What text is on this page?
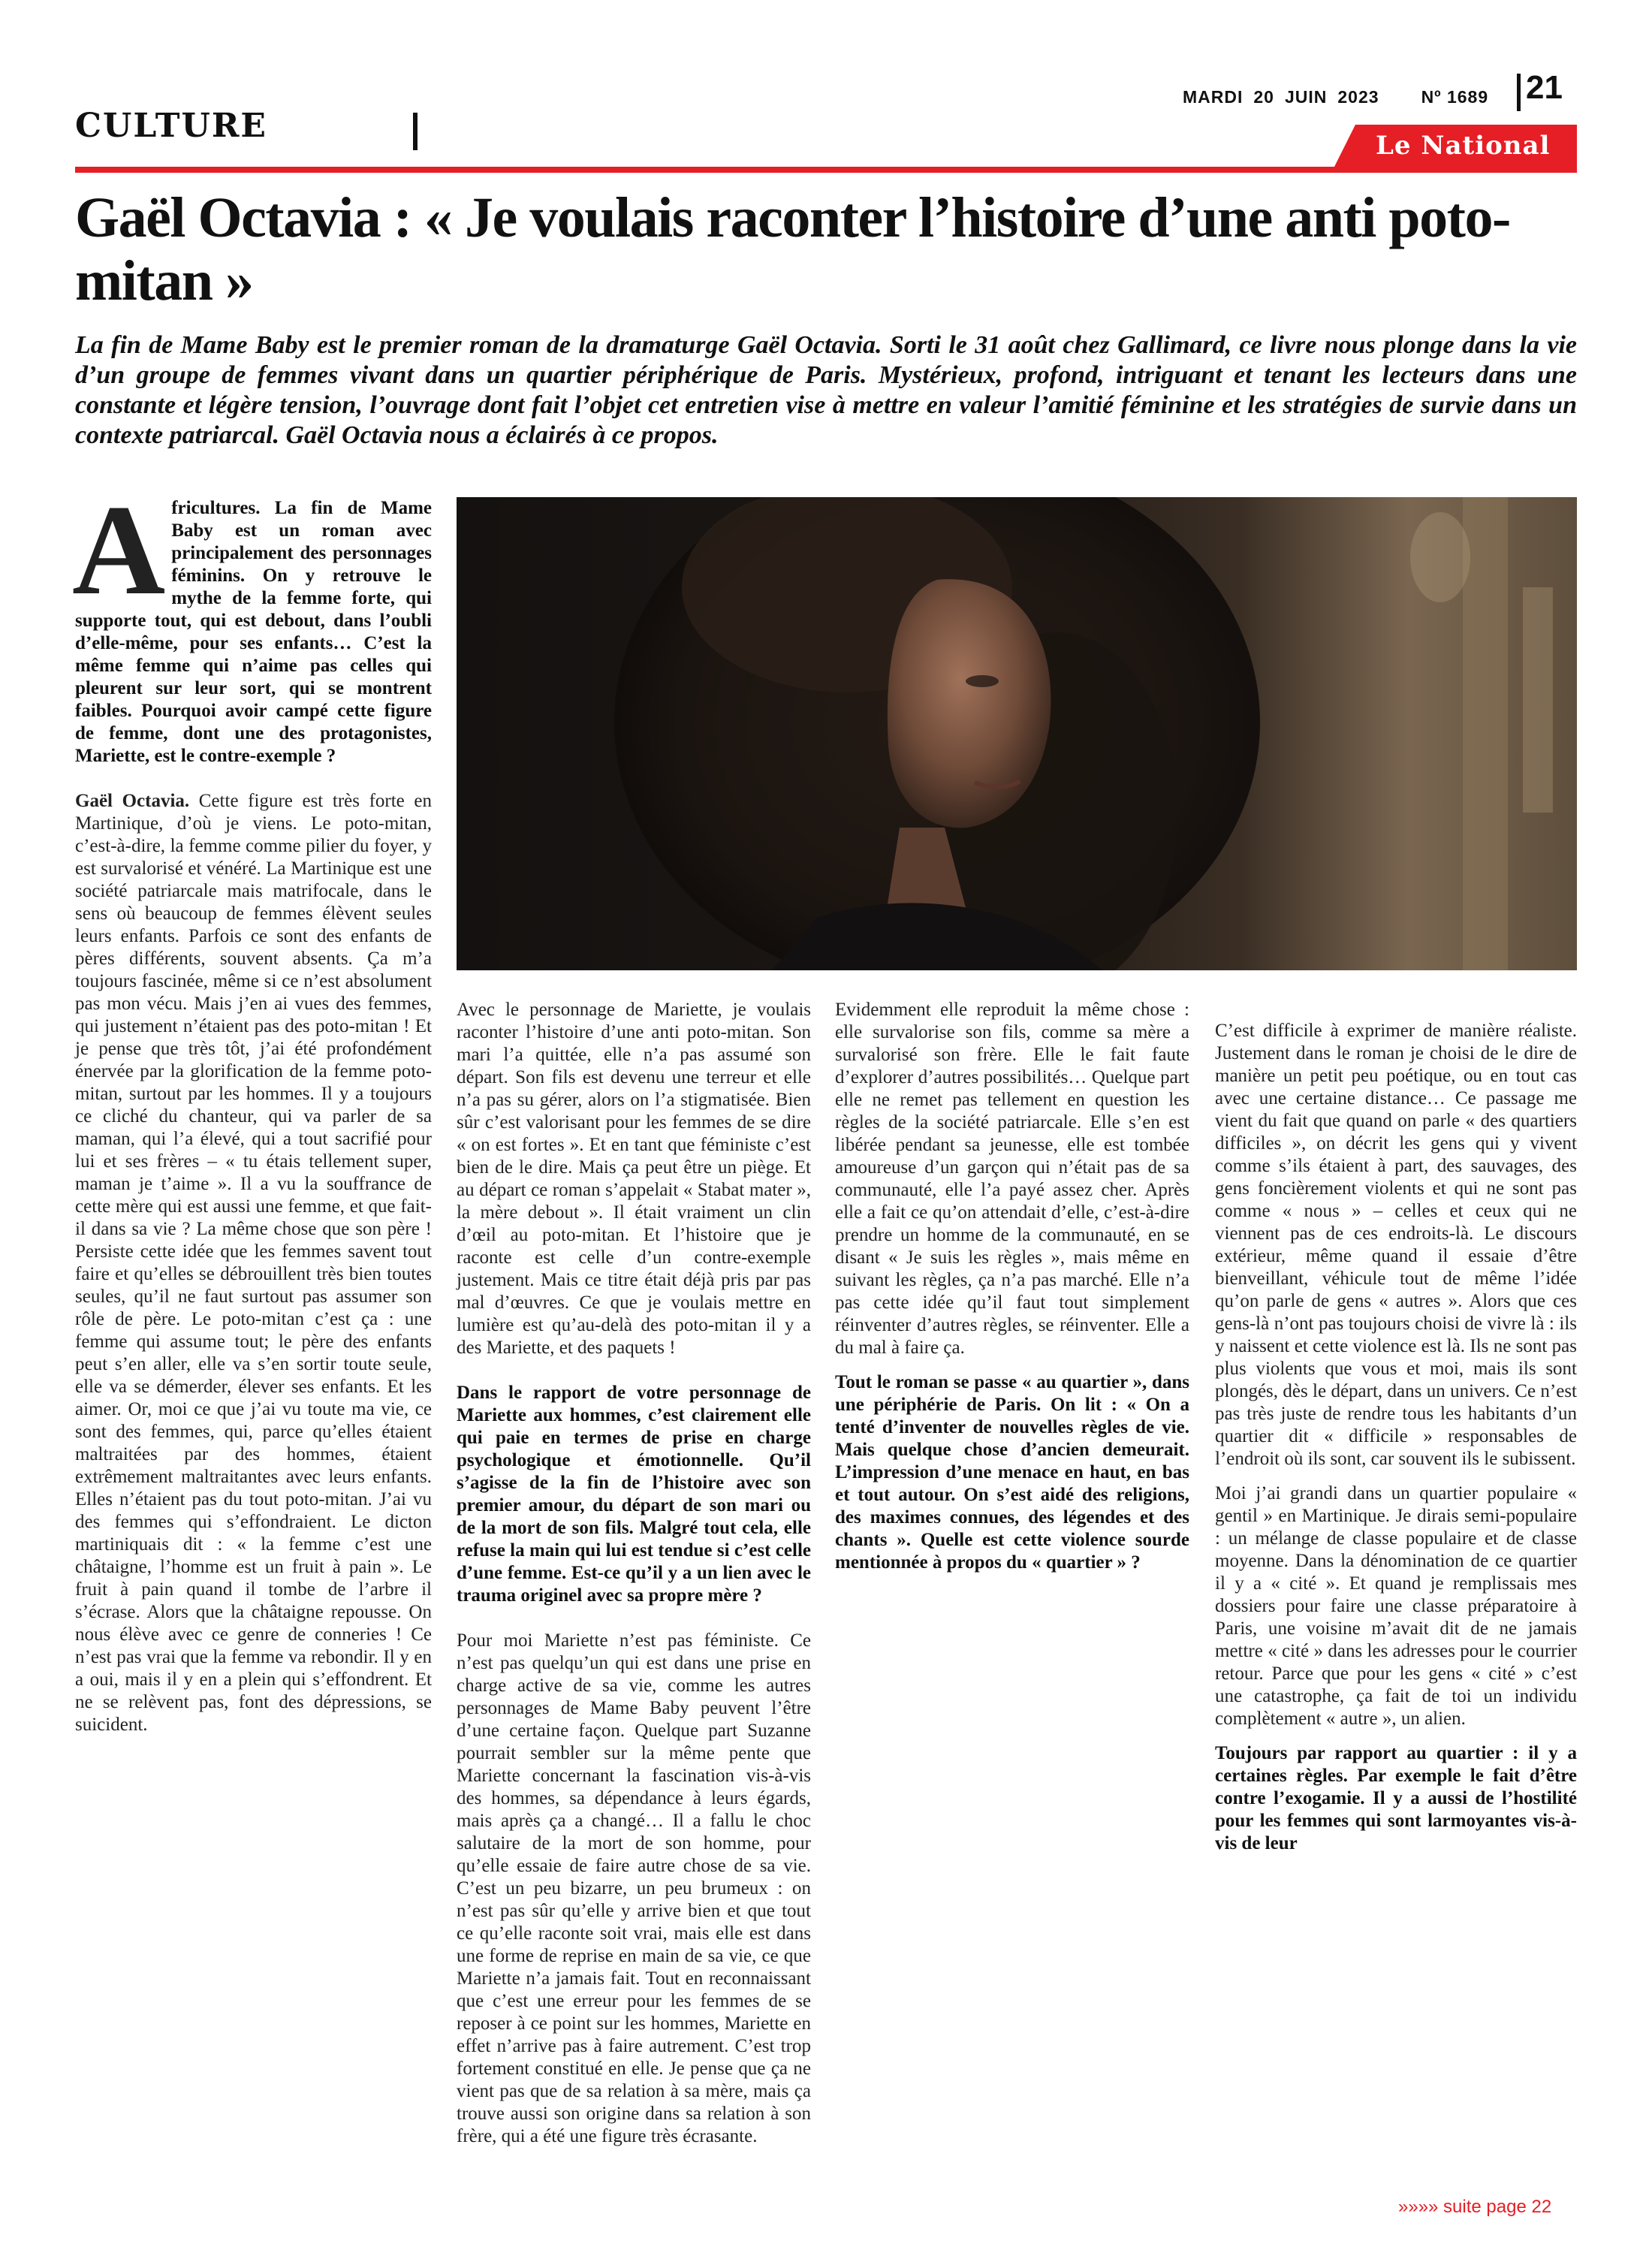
CULTURE
MARDI 20 JUIN 2023 Nº 1689	21
Le National
Gaël Octavia : « Je voulais raconter l’histoire d’une anti poto-mitan »

La fin de Mame Baby est le premier roman de la dramaturge Gaël Octavia. Sorti le 31 août chez Gallimard, ce livre nous plonge dans la vie d’un groupe de femmes vivant dans un quartier périphérique de Paris. Mystérieux, profond, intriguant et tenant les lecteurs dans une constante et légère tension, l’ouvrage dont fait l’objet cet entretien vise à mettre en valeur l’amitié féminine et les stratégies de survie dans un contexte patriarcal. Gaël Octavia nous a éclairés à ce propos.

Africultures. La fin de Mame Baby est un roman avec principalement des personnages féminins. On y retrouve le mythe de la femme forte, qui supporte tout, qui est debout, dans l’oubli d’elle-même, pour ses enfants… C’est la même femme qui n’aime pas celles qui pleurent sur leur sort, qui se montrent faibles. Pourquoi avoir campé cette figure de femme, dont une des protagonistes, Mariette, est le contre-exemple ?

Gaël Octavia. Cette figure est très forte en Martinique, d’où je viens. Le poto-mitan, c’est-à-dire, la femme comme pilier du foyer, y est survalorisé et vénéré. La Martinique est une société patriarcale mais matrifocale, dans le sens où beaucoup de femmes élèvent seules leurs enfants. Parfois ce sont des enfants de pères différents, souvent absents. Ça m’a toujours fascinée, même si ce n’est absolument pas mon vécu. Mais j’en ai vues des femmes, qui justement n’étaient pas des poto-mitan ! Et je pense que très tôt, j’ai été profondément énervée par la glorification de la femme poto-mitan, surtout par les hommes. Il y a toujours ce cliché du chanteur, qui va parler de sa maman, qui l’a élevé, qui a tout sacrifié pour lui et ses frères – « tu étais tellement super, maman je t’aime ». Il a vu la souffrance de cette mère qui est aussi une femme, et que fait-il dans sa vie ? La même chose que son père ! Persiste cette idée que les femmes savent tout faire et qu’elles se débrouillent très bien toutes seules, qu’il ne faut surtout pas assumer son rôle de père. Le poto-mitan c’est ça : une femme qui assume tout; le père des enfants peut s’en aller, elle va s’en sortir toute seule, elle va se démerder, élever ses enfants. Et les aimer. Or, moi ce que j’ai vu toute ma vie, ce sont des femmes, qui, parce qu’elles étaient maltraitées par des hommes, étaient extrêmement maltraitantes avec leurs enfants. Elles n’étaient pas du tout poto-mitan. J’ai vu des femmes qui s’effondraient. Le dicton martiniquais dit : « la femme c’est une châtaigne, l’homme est un fruit à pain ». Le fruit à pain quand il tombe de l’arbre il s’écrase. Alors que la châtaigne repousse. On nous élève avec ce genre de conneries ! Ce n’est pas vrai que la femme va rebondir. Il y en a oui, mais il y en a plein qui s’effondrent. Et ne se relèvent pas, font des dépressions, se suicident.

Avec le personnage de Mariette, je voulais raconter l’histoire d’une anti poto-mitan. Son mari l’a quittée, elle n’a pas assumé son départ. Son fils est devenu une terreur et elle n’a pas su gérer, alors on l’a stigmatisée. Bien sûr c’est valorisant pour les femmes de se dire « on est fortes ». Et en tant que féministe c’est bien de le dire. Mais ça peut être un piège. Et au départ ce roman s’appelait « Stabat mater », la mère debout ». Il était vraiment un clin d’œil au poto-mitan. Et l’histoire que je raconte est celle d’un contre-exemple justement. Mais ce titre était déjà pris par pas mal d’œuvres. Ce que je voulais mettre en lumière est qu’au-delà des poto-mitan il y a des Mariette, et des paquets !

Dans le rapport de votre personnage de Mariette aux hommes, c’est clairement elle qui paie en termes de prise en charge psychologique et émotionnelle. Qu’il s’agisse de la fin de l’histoire avec son premier amour, du départ de son mari ou de la mort de son fils. Malgré tout cela, elle refuse la main qui lui est tendue si c’est celle d’une femme. Est-ce qu’il y a un lien avec le trauma originel avec sa propre mère ?

Pour moi Mariette n’est pas féministe. Ce n’est pas quelqu’un qui est dans une prise en charge active de sa vie, comme les autres personnages de Mame Baby peuvent l’être d’une certaine façon. Quelque part Suzanne pourrait sembler sur la même pente que Mariette concernant la fascination vis-à-vis des hommes, sa dépendance à leurs égards, mais après ça a changé… Il a fallu le choc salutaire de la mort de son homme, pour qu’elle essaie de faire autre chose de sa vie. C’est un peu bizarre, un peu brumeux : on n’est pas sûr qu’elle y arrive bien et que tout ce qu’elle raconte soit vrai, mais elle est dans une forme de reprise en main de sa vie, ce que Mariette n’a jamais fait. Tout en reconnaissant que c’est une erreur pour les femmes de se reposer à ce point sur les hommes, Mariette en effet n’arrive pas à faire autrement. C’est trop fortement constitué en elle. Je pense que ça ne vient pas que de sa relation à sa mère, mais ça trouve aussi son origine dans sa relation à son frère, qui a été une figure très écrasante.

Evidemment elle reproduit la même chose : elle survalorise son fils, comme sa mère a survalorisé son frère. Elle le fait faute d’explorer d’autres possibilités… Quelque part elle ne remet pas tellement en question les règles de la société patriarcale. Elle s’en est libérée pendant sa jeunesse, elle est tombée amoureuse d’un garçon qui n’était pas de sa communauté, elle l’a payé assez cher. Après elle a fait ce qu’on attendait d’elle, c’est-à-dire prendre un homme de la communauté, en se disant « Je suis les règles », mais même en suivant les règles, ça n’a pas marché. Elle n’a pas cette idée qu’il faut tout simplement réinventer d’autres règles, se réinventer. Elle a du mal à faire ça.

Tout le roman se passe « au quartier », dans une périphérie de Paris. On lit : « On a tenté d’inventer de nouvelles règles de vie. Mais quelque chose d’ancien demeurait. L’impression d’une menace en haut, en bas et tout autour. On s’est aidé des religions, des maximes connues, des légendes et des chants ». Quelle est cette violence sourde mentionnée à propos du « quartier » ?

C’est difficile à exprimer de manière réaliste. Justement dans le roman je choisi de le dire de manière un petit peu poétique, ou en tout cas avec une certaine distance… Ce passage me vient du fait que quand on parle « des quartiers difficiles », on décrit les gens qui y vivent comme s’ils étaient à part, des sauvages, des gens foncièrement violents et qui ne sont pas comme « nous » – celles et ceux qui ne viennent pas de ces endroits-là. Le discours extérieur, même quand il essaie d’être bienveillant, véhicule tout de même l’idée qu’on parle de gens « autres ». Alors que ces gens-là n’ont pas toujours choisi de vivre là : ils y naissent et cette violence est là. Ils ne sont pas plus violents que vous et moi, mais ils sont plongés, dès le départ, dans un univers. Ce n’est pas très juste de rendre tous les habitants d’un quartier dit « difficile » responsables de l’endroit où ils sont, car souvent ils le subissent.

Moi j’ai grandi dans un quartier populaire « gentil » en Martinique. Je dirais semi-populaire : un mélange de classe populaire et de classe moyenne. Dans la dénomination de ce quartier il y a « cité ». Et quand je remplissais mes dossiers pour faire une classe préparatoire à Paris, une voisine m’avait dit de ne jamais mettre « cité » dans les adresses pour le courrier retour. Parce que pour les gens « cité » c’est une catastrophe, ça fait de toi un individu complètement « autre », un alien.

Toujours par rapport au quartier : il y a certaines règles. Par exemple le fait d’être contre l’exogamie. Il y a aussi de l’hostilité pour les femmes qui sont larmoyantes vis-à-vis de leur

»»»» suite page 22
